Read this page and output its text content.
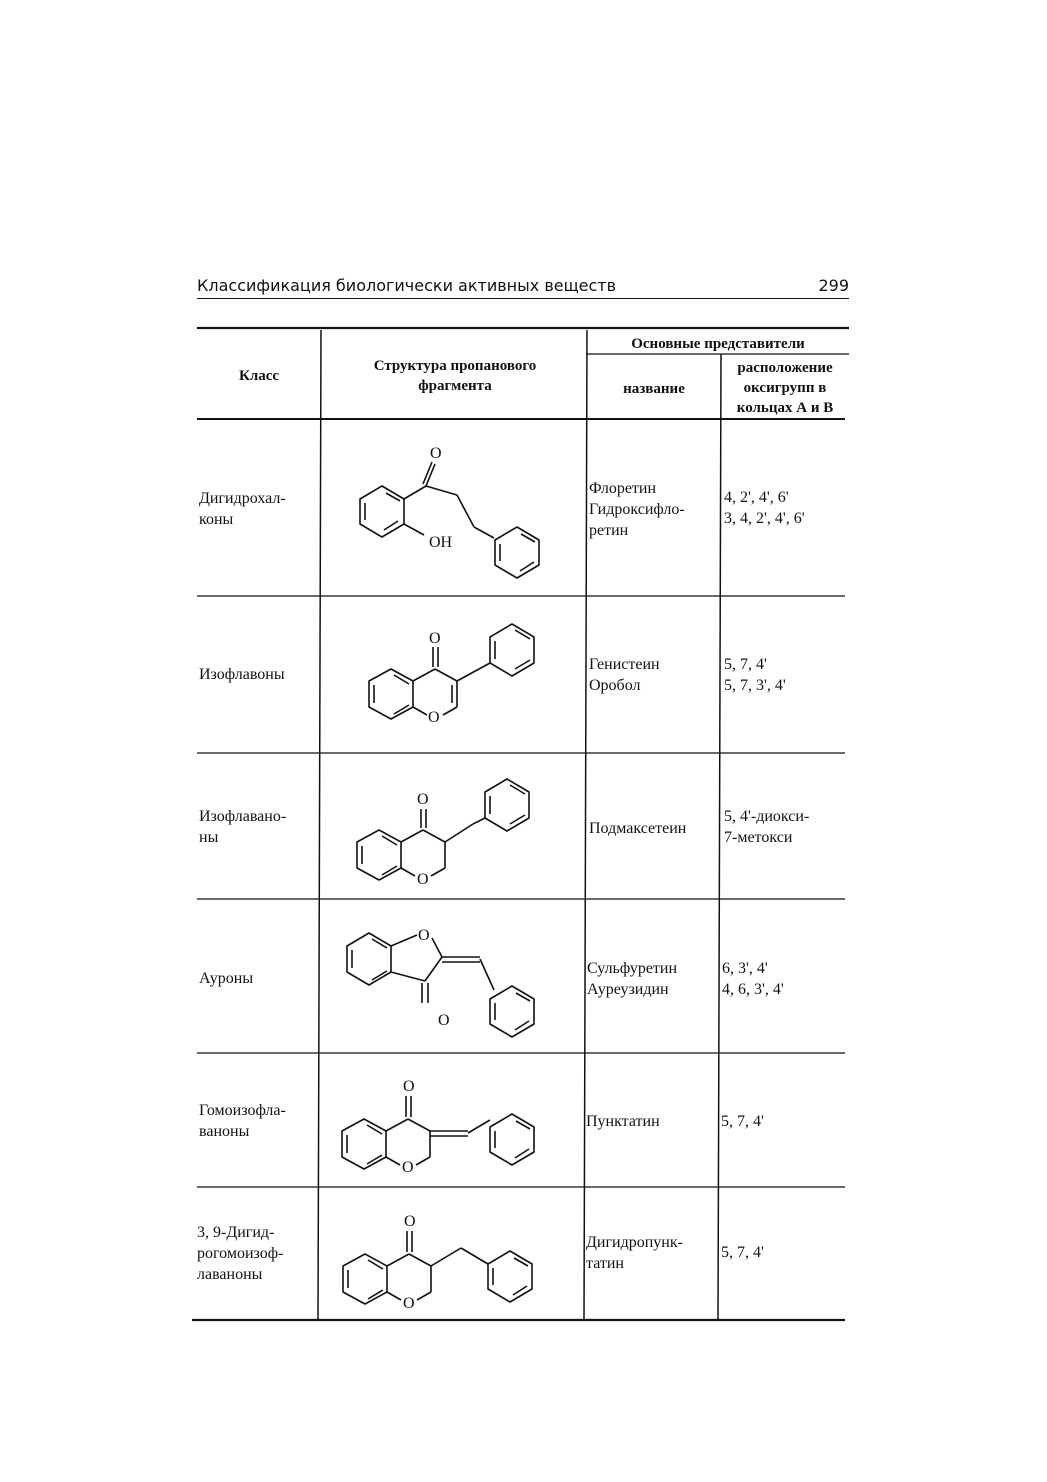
Классификация биологически активных веществ	299
Класс
Структура пропанового
фрагмента
Основные представители
название
расположение
оксигрупп в
кольцах А и В
Дигидрохал-
коны
Флоретин
Гидроксифло-
ретин
4, 2', 4', 6'
3, 4, 2', 4', 6'
Изофлавоны
Генистеин
Оробол
5, 7, 4'
5, 7, 3', 4'
Изофлавано-
ны
Подмаксетеин
5, 4'-диокси-
7-метокси
Ауроны
Сульфуретин
Ауреузидин
6, 3', 4'
4, 6, 3', 4'
Гомоизофла-
ваноны
Пунктатин	5, 7, 4'
3, 9-Дигид-
рогомоизоф-
лаваноны
Дигидропунк-
татин
5, 7, 4'
O
OH
O
O
O
O
O
O
O
O
O
O
